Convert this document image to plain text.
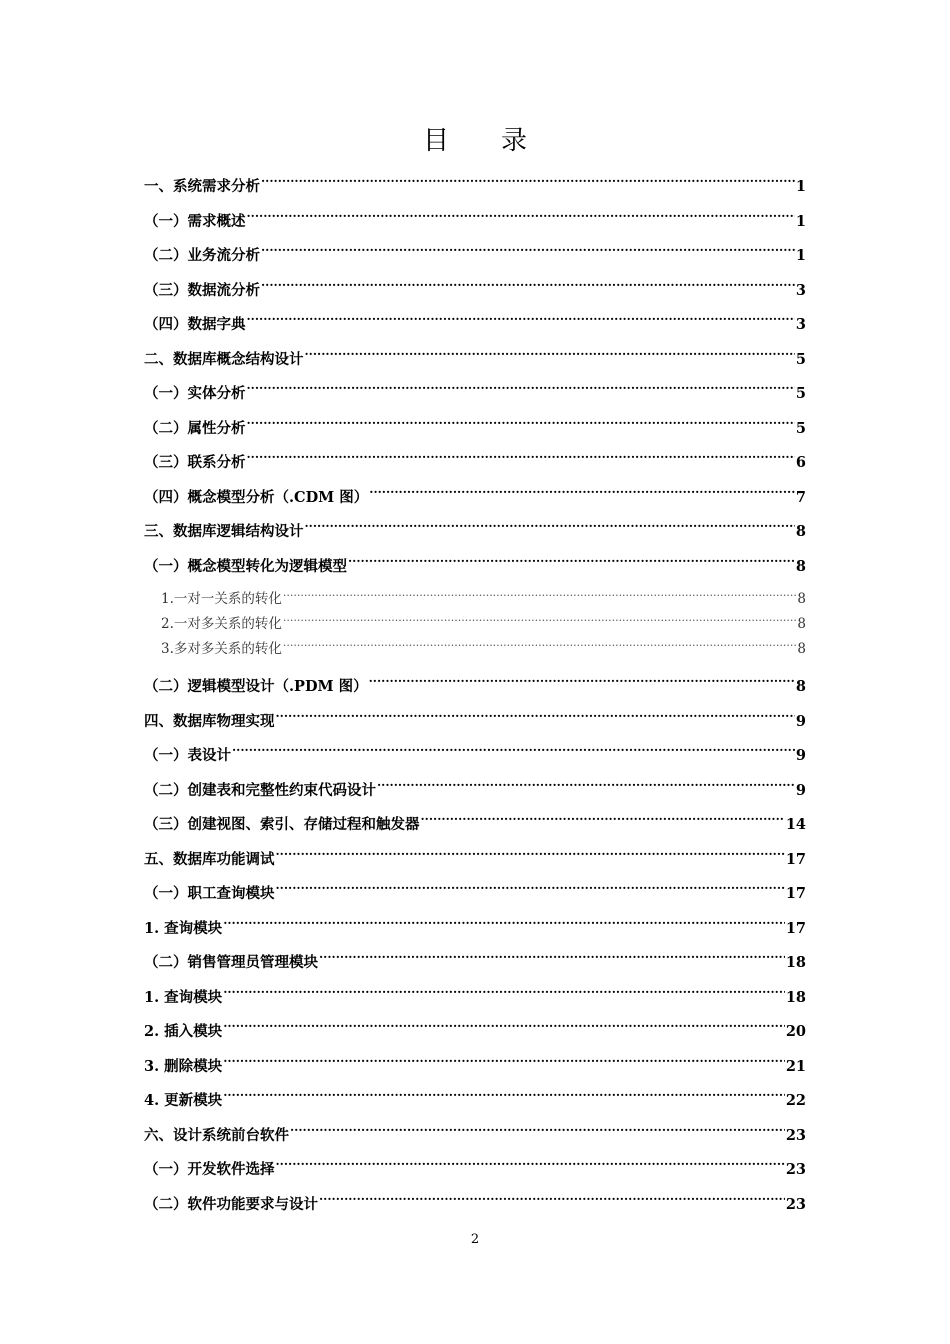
目　　录
一、系统需求分析 .....	1
（一）需求概述 .....	1
（二）业务流分析 .....	1
（三）数据流分析 .....	3
（四）数据字典 .....	3
二、数据库概念结构设计 .....	5
（一）实体分析 .....	5
（二）属性分析 .....	5
（三）联系分析 .....	6
（四）概念模型分析（.CDM 图） .....	7
三、数据库逻辑结构设计 .....	8
（一）概念模型转化为逻辑模型 .....	8
1.一对一关系的转化 .....	8
2.一对多关系的转化 .....	8
3.多对多关系的转化 .....	8
（二）逻辑模型设计（.PDM 图） .....	8
四、数据库物理实现 .....	9
（一）表设计 .....	9
（二）创建表和完整性约束代码设计 .....	9
（三）创建视图、索引、存储过程和触发器 .....	14
五、数据库功能调试 .....	17
（一）职工查询模块 .....	17
1. 查询模块 .....	17
（二）销售管理员管理模块 .....	18
1. 查询模块 .....	18
2. 插入模块 .....	20
3. 删除模块 .....	21
4. 更新模块 .....	22
六、设计系统前台软件 .....	23
（一）开发软件选择 .....	23
（二）软件功能要求与设计 .....	23
2
